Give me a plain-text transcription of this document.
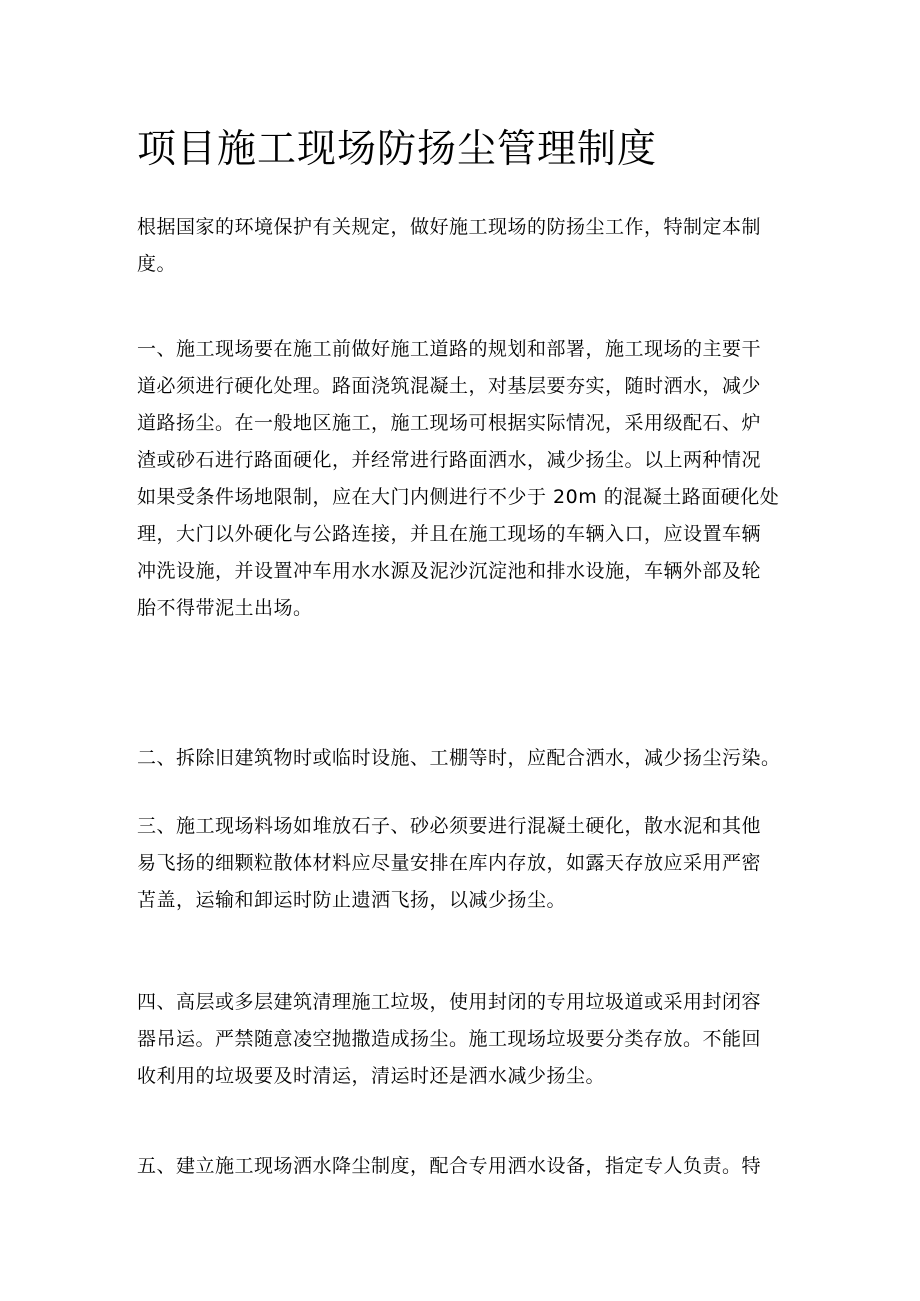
项目施工现场防扬尘管理制度

根据国家的环境保护有关规定，做好施工现场的防扬尘工作，特制定本制
度。

一、施工现场要在施工前做好施工道路的规划和部署，施工现场的主要干
道必须进行硬化处理。路面浇筑混凝土，对基层要夯实，随时洒水，减少
道路扬尘。在一般地区施工，施工现场可根据实际情况，采用级配石、炉
渣或砂石进行路面硬化，并经常进行路面洒水，减少扬尘。以上两种情况
如果受条件场地限制，应在大门内侧进行不少于 20m 的混凝土路面硬化处
理，大门以外硬化与公路连接，并且在施工现场的车辆入口，应设置车辆
冲洗设施，并设置冲车用水水源及泥沙沉淀池和排水设施，车辆外部及轮
胎不得带泥土出场。

二、拆除旧建筑物时或临时设施、工棚等时，应配合洒水，减少扬尘污染。

三、施工现场料场如堆放石子、砂必须要进行混凝土硬化，散水泥和其他
易飞扬的细颗粒散体材料应尽量安排在库内存放，如露天存放应采用严密
苫盖，运输和卸运时防止遗洒飞扬，以减少扬尘。

四、高层或多层建筑清理施工垃圾，使用封闭的专用垃圾道或采用封闭容
器吊运。严禁随意凌空抛撒造成扬尘。施工现场垃圾要分类存放。不能回
收利用的垃圾要及时清运，清运时还是洒水减少扬尘。

五、建立施工现场洒水降尘制度，配合专用洒水设备，指定专人负责。特
